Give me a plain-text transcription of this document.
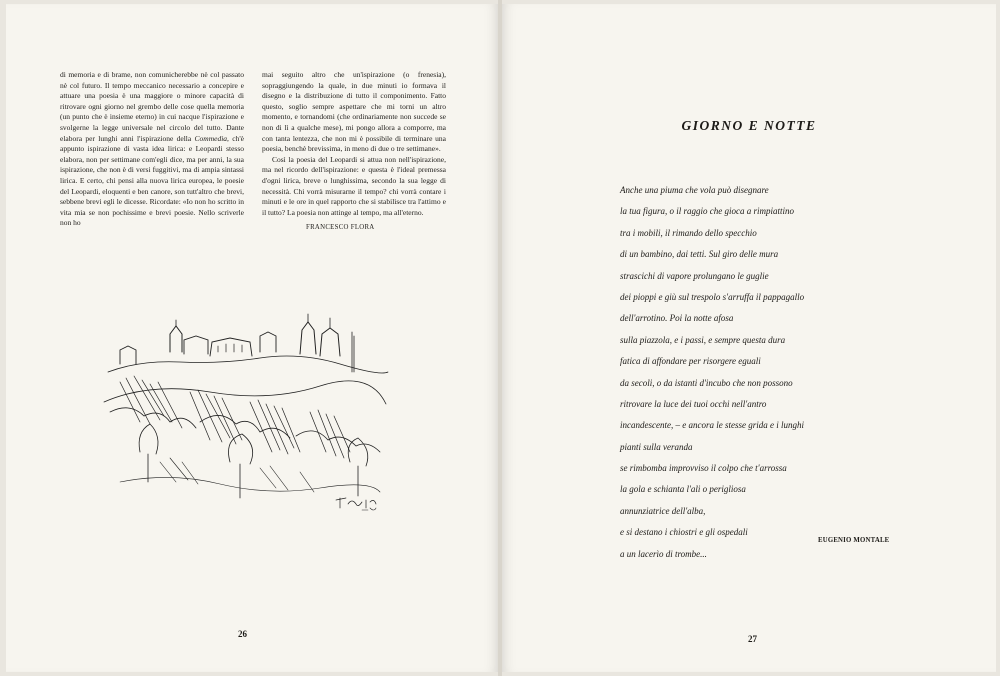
di memoria e di brame, non comunicherebbe nè col passato nè col futuro. Il tempo meccanico necessario a concepire e attuare una poesia è una maggiore o minore capacità di ritrovare ogni giorno nel grembo delle cose quella memoria (un punto che è insieme eterno) in cui nacque l'ispirazione e svolgerne la legge universale nel circolo del tutto. Dante elabora per lunghi anni l'ispirazione della Commedia, ch'è appunto ispirazione di vasta idea lirica: e Leopardi stesso elabora, non per settimane com'egli dice, ma per anni, la sua ispirazione, che non è di versi fuggitivi, ma di ampia sintassi lirica. E certo, chi pensi alla nuova lirica europea, le poesie del Leopardi, eloquenti e ben canore, son tutt'altro che brevi, sebbene brevi egli le dicesse. Ricordate: «Io non ho scritto in vita mia se non pochissime e brevi poesie. Nello scriverle non ho

mai seguito altro che un'ispirazione (o frenesia), sopraggiungendo la quale, in due minuti io formava il disegno e la distribuzione di tutto il componimento. Fatto questo, soglio sempre aspettare che mi torni un altro momento, e tornandomi (che ordinariamente non succede se non di lì a qualche mese), mi pongo allora a comporre, ma con tanta lentezza, che non mi è possibile di terminare una poesia, benchè brevissima, in meno di due o tre settimane».

Così la poesia del Leopardi si attua non nell'ispirazione, ma nel ricordo dell'ispirazione: e questa è l'ideal premessa d'ogni lirica, breve o lunghissima, secondo la sua legge di necessità. Chi vorrà misurarne il tempo? chi vorrà contare i minuti e le ore in quel rapporto che si stabilisce tra l'attimo e il tutto? La poesia non attinge al tempo, ma all'eterno.

FRANCESCO FLORA
26
GIORNO E NOTTE
Anche una piuma che vola può disegnare
la tua figura, o il raggio che gioca a rimpiattino
tra i mobili, il rimando dello specchio
di un bambino, dai tetti. Sul giro delle mura
strascichi di vapore prolungano le guglie
dei pioppi e giù sul trespolo s'arruffa il pappagallo
dell'arrotino. Poi la notte afosa
sulla piazzola, e i passi, e sempre questa dura
fatica di affondare per risorgere eguali
da secoli, o da istanti d'incubo che non possono
ritrovare la luce dei tuoi occhi nell'antro
incandescente, – e ancora le stesse grida e i lunghi
pianti sulla veranda
se rimbomba improvviso il colpo che t'arrossa
la gola e schianta l'ali o perigliosa
annunziatrice dell'alba,
e si destano i chiostri e gli ospedali
a un lacerìo di trombe...
EUGENIO MONTALE
27
